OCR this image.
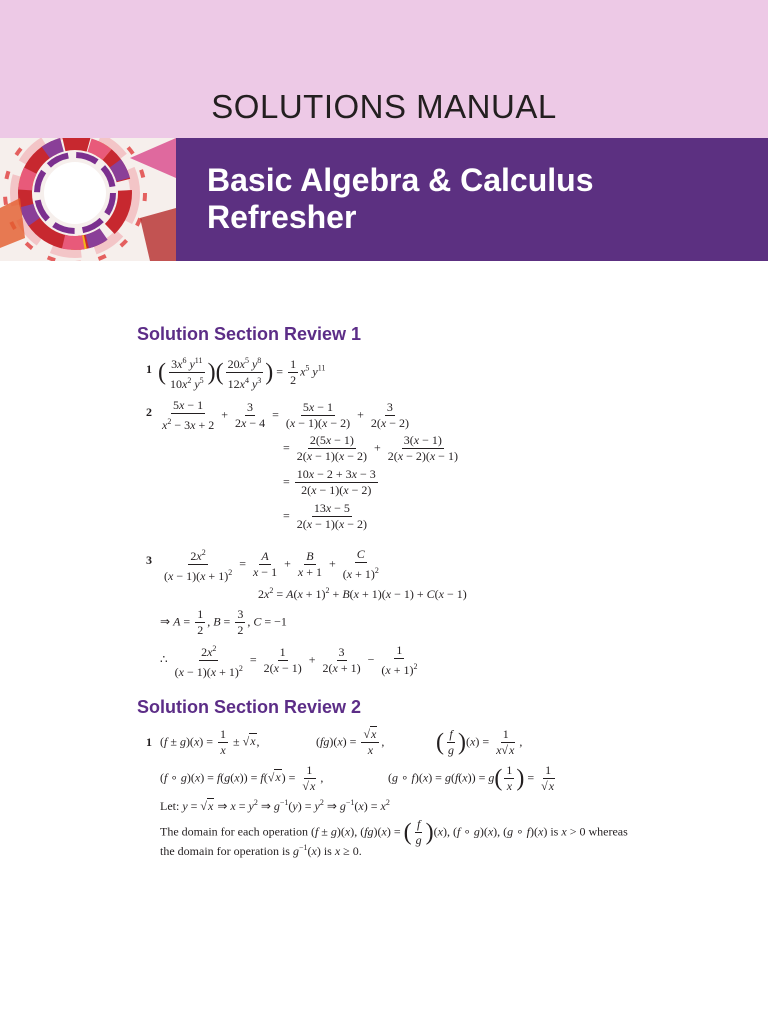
SOLUTIONS MANUAL
Basic Algebra & Calculus
Refresher
Solution Section Review 1
1 ( $\frac{3x^6 y^{11}}{10x^2 y^5}$ )( $\frac{20x^5 y^8}{12x^4 y^3}$ ) = $\frac{1}{2} x^5$ $y^{11}$
$2 \frac{5x - 1}{x^2 - 3x + 2} + \frac{3}{2x - 4} = \frac{5x - 1}{(x - 1)(x - 2)} + \frac{3}{2(x - 2)}$
= $\frac{2(5x - 1)}{2(x - 1)(x - 2)} + \frac{3(x - 1)}{2(x - 2)(x - 1)}$
= $\frac{10x - 2 + 3x - 3}{2(x - 1)(x - 2)}$
= $\frac{13x - 5}{2(x - 1)(x - 2)}$
$3 \frac{2x^2}{(x - 1)(x + 1)^2} = \frac{A}{x - 1} + \frac{B}{x + 1} + \frac{C}{(x + 1)^2}$
$2x^2 = A(x + 1)^2 + B(x + 1)(x - 1) + C(x - 1)$
⇒ $A = \frac{1}{2}$ , $B = \frac{3}{2}$ , C = −1
∴ $\frac{2x^2}{(x - 1)(x + 1)^2} = \frac{1}{2(x - 1)} + \frac{3}{2(x + 1)} - \frac{1}{(x + 1)^2}$
Solution Section Review 2
1 $(f \pm g)(x) = \frac{1}{x} \pm √x$,	$(fg)(x) = \frac{√x}{x}$ , ( $\frac{f}{g} )(x) = \frac{1}{x√x}$ ,
(f ∘ $g)(x) = f(g(x)) = f(√x) = \frac{1}{√x}$ ,	(g ∘ $f)(x) = g(f(x)) = g( \frac{1}{x}$ ) = $\frac{1}{√x}$
Let: y = √x ⇒ $x = y^2$ ⇒ $g^{-1}(y) = y^2$ ⇒ $g^{-1}(x) = x^2$
The domain for each operation (f ± g)(x), (fg)(x) = ( $\frac{f}{g} )(x)$, (f ∘ g)(x), (g ∘ f)(x) is x > 0 whereas
the domain for operation is $g^{-1}(x)$ is x ≥ 0.
